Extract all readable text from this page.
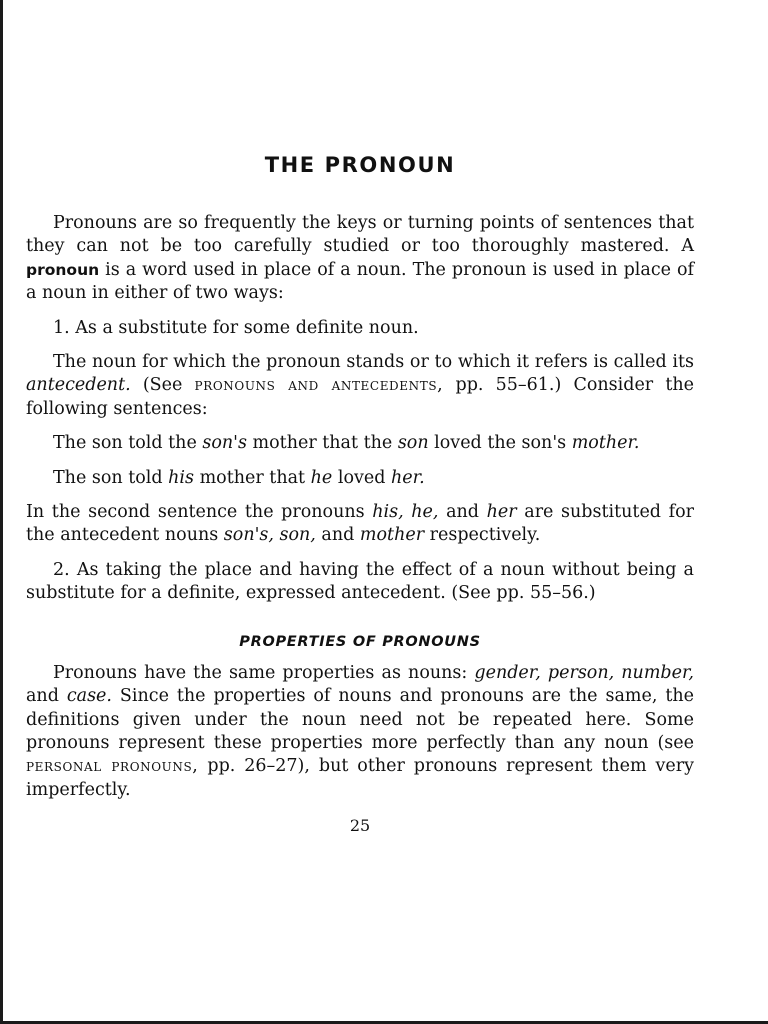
THE PRONOUN

Pronouns are so frequently the keys or turning points of sentences that they can not be too carefully studied or too thoroughly mastered. A pronoun is a word used in place of a noun. The pronoun is used in place of a noun in either of two ways:

1. As a substitute for some definite noun.

The noun for which the pronoun stands or to which it refers is called its antecedent. (See pronouns and antecedents, pp. 55–61.) Consider the following sentences:

The son told the son's mother that the son loved the son's mother.

The son told his mother that he loved her.

In the second sentence the pronouns his, he, and her are substituted for the antecedent nouns son's, son, and mother respectively.

2. As taking the place and having the effect of a noun without being a substitute for a definite, expressed antecedent. (See pp. 55–56.)

PROPERTIES OF PRONOUNS

Pronouns have the same properties as nouns: gender, person, number, and case. Since the properties of nouns and pronouns are the same, the definitions given under the noun need not be repeated here. Some pronouns represent these properties more perfectly than any noun (see personal pronouns, pp. 26–27), but other pronouns represent them very imperfectly.

25
